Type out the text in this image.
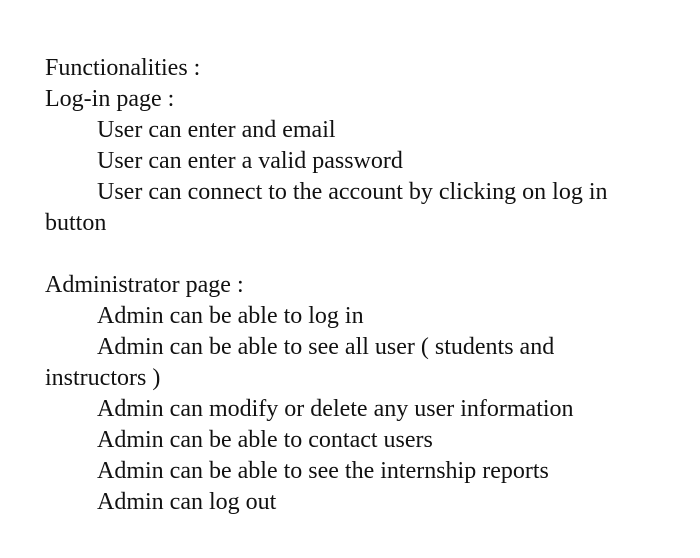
Functionalities :

Log-in page :

User can enter and email

User can enter a valid password

User can connect to the account by clicking on log in

button

Administrator page :

Admin can be able to log in

Admin can be able to see all user ( students and

instructors )

Admin can modify or delete any user information

Admin can be able to contact users

Admin can be able to see the internship reports

Admin can log out
